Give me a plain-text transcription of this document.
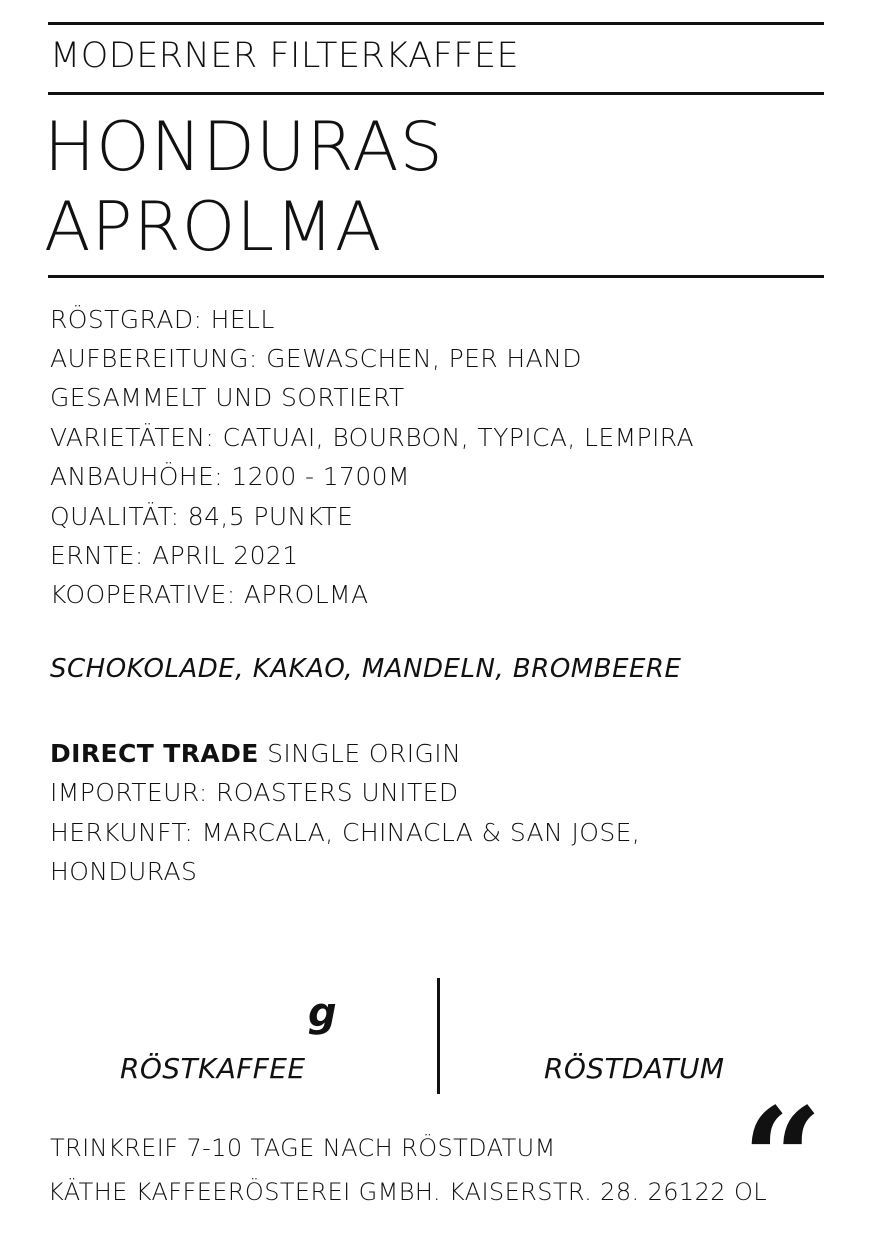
MODERNER FILTERKAFFEE
HONDURAS
APROLMA
RÖSTGRAD: HELL
AUFBEREITUNG: GEWASCHEN, PER HAND
GESAMMELT UND SORTIERT
VARIETÄTEN: CATUAI, BOURBON, TYPICA, LEMPIRA
ANBAUHÖHE: 1200 - 1700M
QUALITÄT: 84,5 PUNKTE
ERNTE: APRIL 2021
KOOPERATIVE: APROLMA
SCHOKOLADE, KAKAO, MANDELN, BROMBEERE
DIRECT TRADE SINGLE ORIGIN
IMPORTEUR: ROASTERS UNITED
HERKUNFT: MARCALA, CHINACLA & SAN JOSE,
HONDURAS
g
RÖSTKAFFEE	RÖSTDATUM
TRINKREIF 7-10 TAGE NACH RÖSTDATUM “
KÄTHE KAFFEERÖSTEREI GMBH. KAISERSTR. 28. 26122 OL
